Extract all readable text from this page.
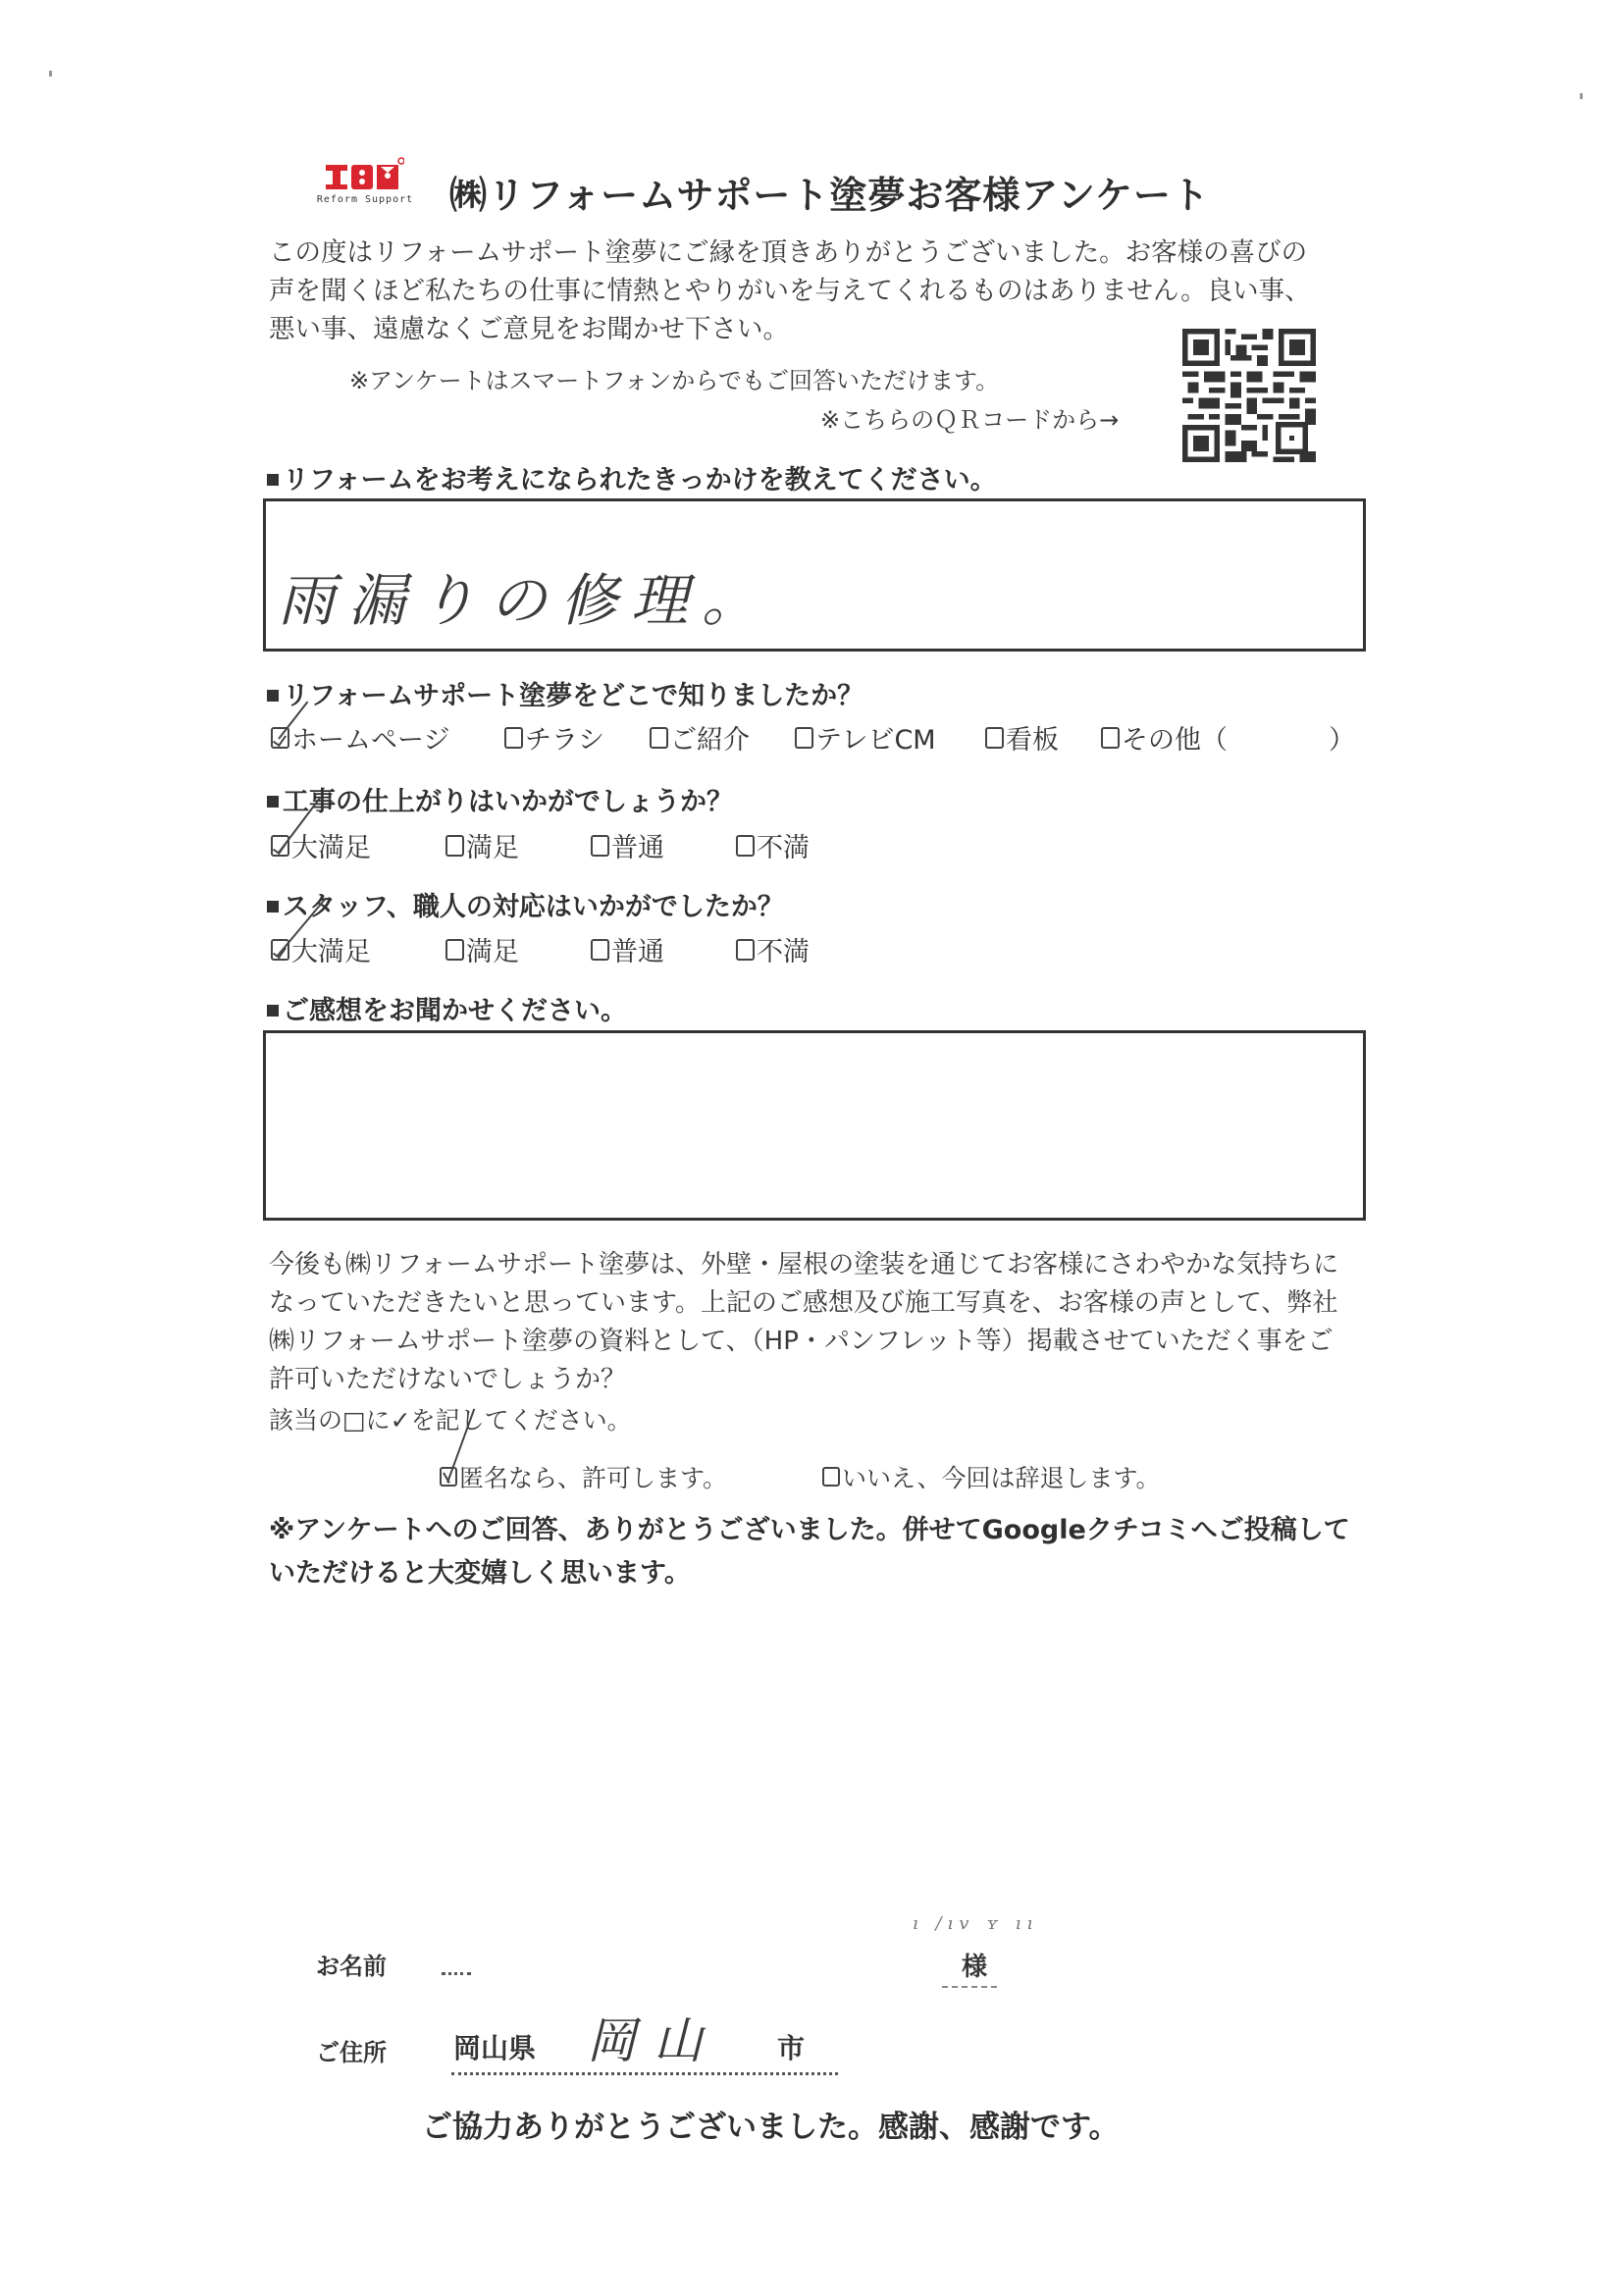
Reform Support ㈱リフォームサポート塗夢お客様アンケート
この度はリフォームサポート塗夢にご縁を頂きありがとうございました。お客様の喜びの声を聞くほど私たちの仕事に情熱とやりがいを与えてくれるものはありません。良い事、悪い事、遠慮なくご意見をお聞かせ下さい。
※アンケートはスマートフォンからでもご回答いただけます。
※こちらのＱＲコードから→
リフォームをお考えになられたきっかけを教えてください。
雨漏りの修理。
リフォームサポート塗夢をどこで知りましたか？
ホームページ	チラシ ご紹介 テレビCM	看板 その他（	）
工事の仕上がりはいかがでしょうか？
大満足	満足	普通	不満
スタッフ、職人の対応はいかがでしたか？
大満足	満足	普通	不満
ご感想をお聞かせください。
今後も㈱リフォームサポート塗夢は、外壁・屋根の塗装を通じてお客様にさわやかな気持ちになっていただきたいと思っています。上記のご感想及び施工写真を、お客様の声として、弊社㈱リフォームサポート塗夢の資料として、（HP・パンフレット等）掲載させていただく事をご許可いただけないでしょうか？
該当の□に✓を記してください。
匿名なら、許可します。	いいえ、今回は辞退します。
※アンケートへのご回答、ありがとうございました。併せてGoogleクチコミへご投稿していただけると大変嬉しく思います。
お名前
ı /ıv ʏ ıı
様
ご住所 岡山県 岡山 市
ご協力ありがとうございました。感謝、感謝です。
